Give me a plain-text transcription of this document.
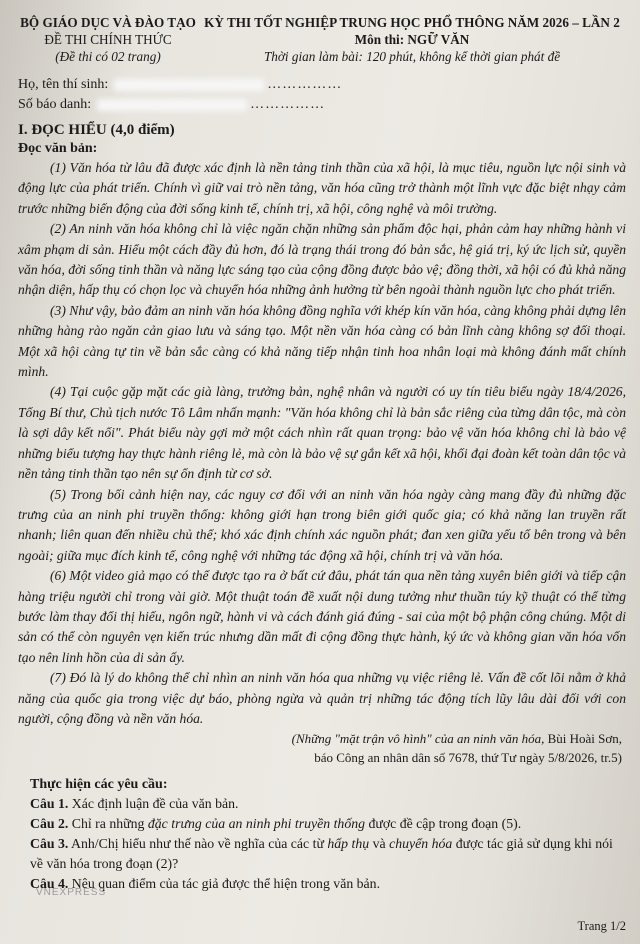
BỘ GIÁO DỤC VÀ ĐÀO TẠO
ĐỀ THI CHÍNH THỨC
(Đề thi có 02 trang)
KỲ THI TỐT NGHIỆP TRUNG HỌC PHỔ THÔNG NĂM 2026 – LẦN 2
Môn thi: NGỮ VĂN
Thời gian làm bài: 120 phút, không kể thời gian phát đề
Họ, tên thí sinh:	……………
Số báo danh:	……………
I. ĐỌC HIỂU (4,0 điểm)
Đọc văn bản:

(1) Văn hóa từ lâu đã được xác định là nền tảng tinh thần của xã hội, là mục tiêu, nguồn lực nội sinh và động lực của phát triển. Chính vì giữ vai trò nền tảng, văn hóa cũng trở thành một lĩnh vực đặc biệt nhạy cảm trước những biến động của đời sống kinh tế, chính trị, xã hội, công nghệ và môi trường.

(2) An ninh văn hóa không chỉ là việc ngăn chặn những sản phẩm độc hại, phản cảm hay những hành vi xâm phạm di sản. Hiểu một cách đầy đủ hơn, đó là trạng thái trong đó bản sắc, hệ giá trị, ký ức lịch sử, quyền văn hóa, đời sống tinh thần và năng lực sáng tạo của cộng đồng được bảo vệ; đồng thời, xã hội có đủ khả năng nhận diện, hấp thụ có chọn lọc và chuyển hóa những ảnh hưởng từ bên ngoài thành nguồn lực cho phát triển.

(3) Như vậy, bảo đảm an ninh văn hóa không đồng nghĩa với khép kín văn hóa, càng không phải dựng lên những hàng rào ngăn cản giao lưu và sáng tạo. Một nền văn hóa càng có bản lĩnh càng không sợ đối thoại. Một xã hội càng tự tin về bản sắc càng có khả năng tiếp nhận tinh hoa nhân loại mà không đánh mất chính mình.

(4) Tại cuộc gặp mặt các già làng, trưởng bản, nghệ nhân và người có uy tín tiêu biểu ngày 18/4/2026, Tổng Bí thư, Chủ tịch nước Tô Lâm nhấn mạnh: "Văn hóa không chỉ là bản sắc riêng của từng dân tộc, mà còn là sợi dây kết nối". Phát biểu này gợi mở một cách nhìn rất quan trọng: bảo vệ văn hóa không chỉ là bảo vệ những biểu tượng hay thực hành riêng lẻ, mà còn là bảo vệ sự gắn kết xã hội, khối đại đoàn kết toàn dân tộc và nền tảng tinh thần tạo nên sự ổn định từ cơ sở.

(5) Trong bối cảnh hiện nay, các nguy cơ đối với an ninh văn hóa ngày càng mang đầy đủ những đặc trưng của an ninh phi truyền thống: không giới hạn trong biên giới quốc gia; có khả năng lan truyền rất nhanh; liên quan đến nhiều chủ thể; khó xác định chính xác nguồn phát; đan xen giữa yếu tố bên trong và bên ngoài; giữa mục đích kinh tế, công nghệ với những tác động xã hội, chính trị và văn hóa.

(6) Một video giả mạo có thể được tạo ra ở bất cứ đâu, phát tán qua nền tảng xuyên biên giới và tiếp cận hàng triệu người chỉ trong vài giờ. Một thuật toán đề xuất nội dung tưởng như thuần túy kỹ thuật có thể từng bước làm thay đổi thị hiếu, ngôn ngữ, hành vi và cách đánh giá đúng - sai của một bộ phận công chúng. Một di sản có thể còn nguyên vẹn kiến trúc nhưng dần mất đi cộng đồng thực hành, ký ức và không gian văn hóa vốn tạo nên linh hồn của di sản ấy.

(7) Đó là lý do không thể chỉ nhìn an ninh văn hóa qua những vụ việc riêng lẻ. Vấn đề cốt lõi nằm ở khả năng của quốc gia trong việc dự báo, phòng ngừa và quản trị những tác động tích lũy lâu dài đối với con người, cộng đồng và nền văn hóa.

(Những "mặt trận vô hình" của an ninh văn hóa, Bùi Hoài Sơn,
báo Công an nhân dân số 7678, thứ Tư ngày 5/8/2026, tr.5)
Thực hiện các yêu cầu:

Câu 1. Xác định luận đề của văn bản.

Câu 2. Chỉ ra những đặc trưng của an ninh phi truyền thống được đề cập trong đoạn (5).

Câu 3. Anh/Chị hiểu như thế nào về nghĩa của các từ hấp thụ và chuyển hóa được tác giả sử dụng khi nói về văn hóa trong đoạn (2)?

Câu 4. Nêu quan điểm của tác giả được thể hiện trong văn bản.

VNEXPRESS
Trang 1/2
